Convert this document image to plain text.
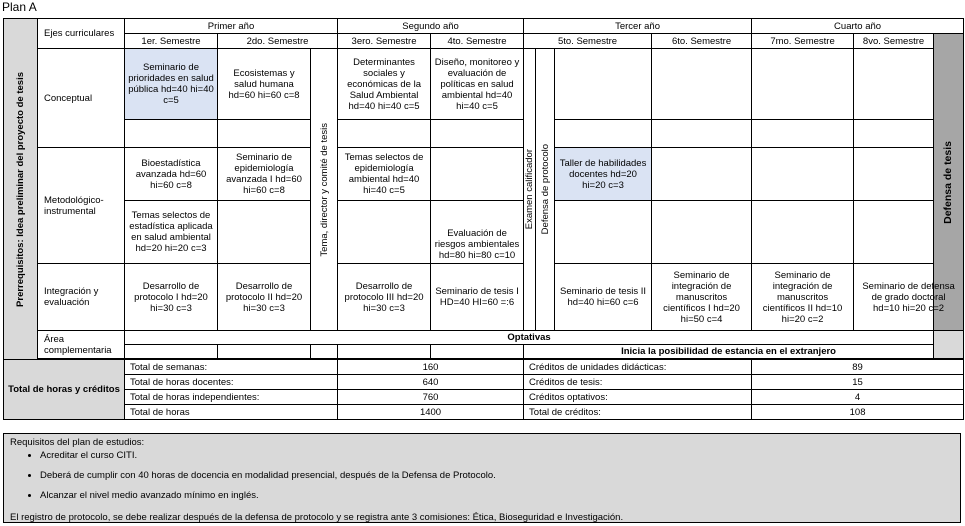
Plan A
Prerrequisitos: Idea preliminar del proyecto de tesis	Ejes curriculares	Primer año			Segundo año		Tercer año				Cuarto año		
		1er. Semestre	2do. Semestre		3ero. Semestre	4to. Semestre	5to. Semestre			6to. Semestre	7mo. Semestre	8vo. Semestre	Defensa de tesis

	Conceptual	Seminario de prioridades en salud pública hd=40 hi=40 c=5	Ecosistemas y salud humana hd=60 hi=60 c=8	Tema, director y comité de tesis	Determinantes sociales y económicas de la Salud Ambiental hd=40 hi=40 c=5	Diseño, monitoreo y evaluación de políticas en salud ambiental hd=40 hi=40 c=5	Examen calificador	Defensa de protocolo					

	Metodológico-instrumental	Bioestadística avanzada hd=60 hi=60 c=8	Seminario de epidemiología avanzada I hd=60 hi=60 c=8		Temas selectos de epidemiología ambiental hd=40 hi=40 c=5				Taller de habilidades docentes hd=20 hi=20 c=3				
		Temas selectos de estadística aplicada en salud ambiental hd=20 hi=20 c=3				Evaluación de riesgos ambientales hd=80 hi=80 c=10							
	Integración y evaluación	Desarrollo de protocolo I hd=20 hi=30 c=3	Desarrollo de protocolo II hd=20 hi=30 c=3		Desarrollo de protocolo III hd=20 hi=30 c=3	Seminario de tesis I HD=40 HI=60 =:6			Seminario de tesis II hd=40 hi=60 c=6	Seminario de integración de manuscritos científicos I hd=20 hi=50 c=4	Seminario de integración de manuscritos científicos II hd=10 hi=20 c=2	Seminario de defensa de grado doctoral hd=10 hi=20 c=2	
	Área complementaria	Optativas											
							Inicia la posibilidad de estancia en el extranjero						

Total de horas y créditos		Total de semanas:			160		Créditos de unidades didácticas:				89		
		Total de horas docentes:			640		Créditos de tesis:				15		
		Total de horas independientes:			760		Créditos optativos:				4		
		Total de horas			1400		Total de créditos:				108		
Requisitos del plan de estudios:
• Acreditar el curso CITI.
• Deberá de cumplir con 40 horas de docencia en modalidad presencial, después de la Defensa de Protocolo.
• Alcanzar el nivel medio avanzado mínimo en inglés.
El registro de protocolo, se debe realizar después de la defensa de protocolo y se registra ante 3 comisiones: Ética, Bioseguridad e Investigación.
